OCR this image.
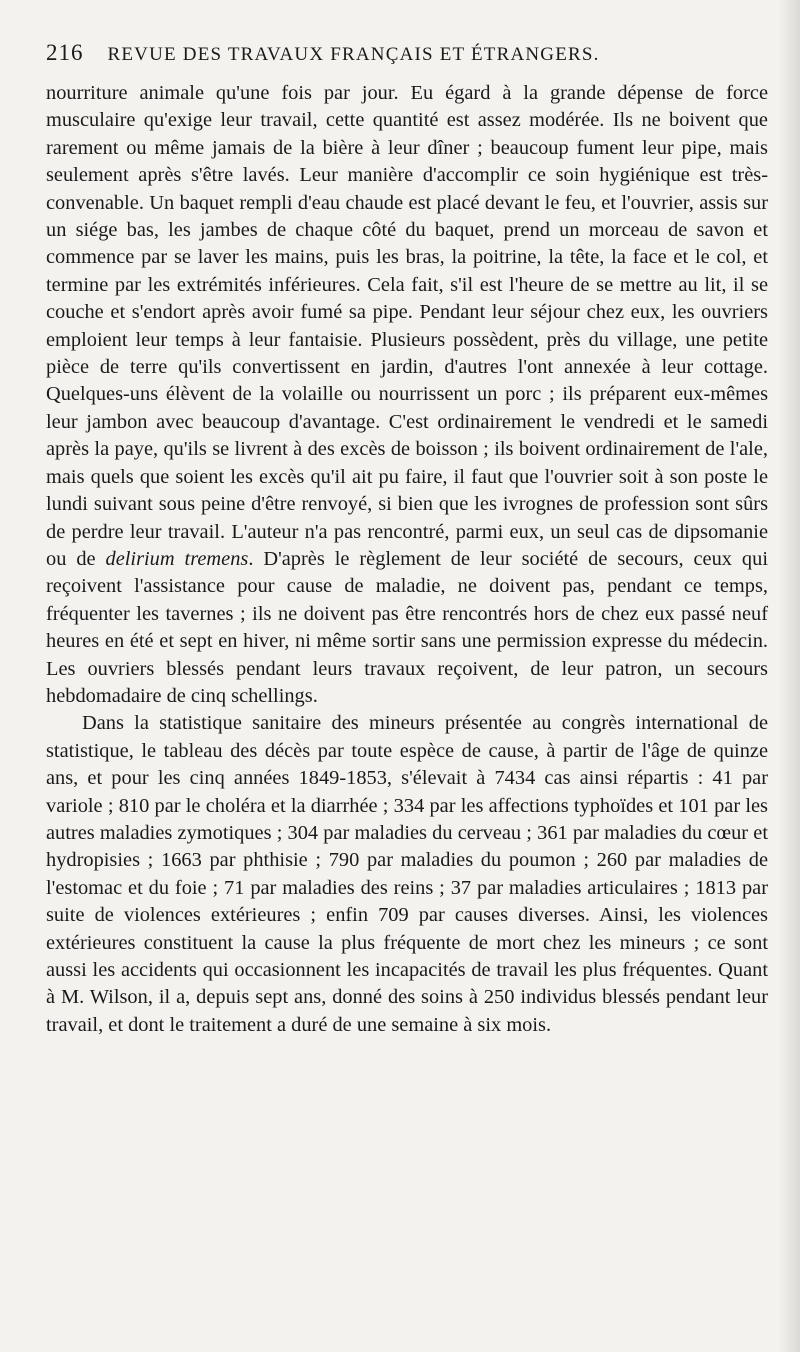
216 REVUE DES TRAVAUX FRANÇAIS ET ÉTRANGERS.

nourriture animale qu'une fois par jour. Eu égard à la grande dépense de force musculaire qu'exige leur travail, cette quantité est assez modérée. Ils ne boivent que rarement ou même jamais de la bière à leur dîner ; beaucoup fument leur pipe, mais seulement après s'être lavés. Leur manière d'accomplir ce soin hygiénique est très-convenable. Un baquet rempli d'eau chaude est placé devant le feu, et l'ouvrier, assis sur un siége bas, les jambes de chaque côté du baquet, prend un morceau de savon et commence par se laver les mains, puis les bras, la poitrine, la tête, la face et le col, et termine par les extrémités inférieures. Cela fait, s'il est l'heure de se mettre au lit, il se couche et s'endort après avoir fumé sa pipe. Pendant leur séjour chez eux, les ouvriers emploient leur temps à leur fantaisie. Plusieurs possèdent, près du village, une petite pièce de terre qu'ils convertissent en jardin, d'autres l'ont annexée à leur cottage. Quelques-uns élèvent de la volaille ou nourrissent un porc ; ils préparent eux-mêmes leur jambon avec beaucoup d'avantage. C'est ordinairement le vendredi et le samedi après la paye, qu'ils se livrent à des excès de boisson ; ils boivent ordinairement de l'ale, mais quels que soient les excès qu'il ait pu faire, il faut que l'ouvrier soit à son poste le lundi suivant sous peine d'être renvoyé, si bien que les ivrognes de profession sont sûrs de perdre leur travail. L'auteur n'a pas rencontré, parmi eux, un seul cas de dipsomanie ou de delirium tremens. D'après le règlement de leur société de secours, ceux qui reçoivent l'assistance pour cause de maladie, ne doivent pas, pendant ce temps, fréquenter les tavernes ; ils ne doivent pas être rencontrés hors de chez eux passé neuf heures en été et sept en hiver, ni même sortir sans une permission expresse du médecin. Les ouvriers blessés pendant leurs travaux reçoivent, de leur patron, un secours hebdomadaire de cinq schellings.

Dans la statistique sanitaire des mineurs présentée au congrès international de statistique, le tableau des décès par toute espèce de cause, à partir de l'âge de quinze ans, et pour les cinq années 1849-1853, s'élevait à 7434 cas ainsi répartis : 41 par variole ; 810 par le choléra et la diarrhée ; 334 par les affections typhoïdes et 101 par les autres maladies zymotiques ; 304 par maladies du cerveau ; 361 par maladies du cœur et hydropisies ; 1663 par phthisie ; 790 par maladies du poumon ; 260 par maladies de l'estomac et du foie ; 71 par maladies des reins ; 37 par maladies articulaires ; 1813 par suite de violences extérieures ; enfin 709 par causes diverses. Ainsi, les violences extérieures constituent la cause la plus fréquente de mort chez les mineurs ; ce sont aussi les accidents qui occasionnent les incapacités de travail les plus fréquentes. Quant à M. Wilson, il a, depuis sept ans, donné des soins à 250 individus blessés pendant leur travail, et dont le traitement a duré de une semaine à six mois.
